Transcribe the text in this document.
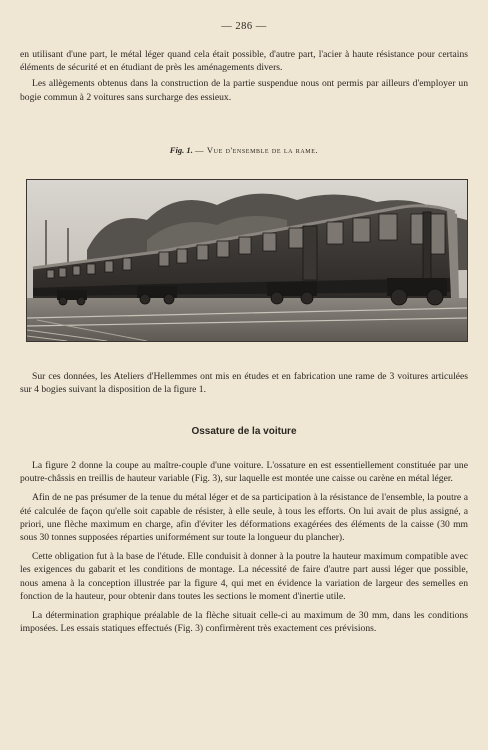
— 286 —

en utilisant d'une part, le métal léger quand cela était possible, d'autre part, l'acier à haute résistance pour certains éléments de sécurité et en étudiant de près les aménagements divers.

Les allègements obtenus dans la construction de la partie suspendue nous ont permis par ailleurs d'employer un bogie commun à 2 voitures sans surcharge des essieux.

Fig. 1. — Vue d'ensemble de la rame.

Sur ces données, les Ateliers d'Hellemmes ont mis en études et en fabrication une rame de 3 voitures articulées sur 4 bogies suivant la disposition de la figure 1.

Ossature de la voiture

La figure 2 donne la coupe au maître-couple d'une voiture. L'ossature en est essentiellement constituée par une poutre-châssis en treillis de hauteur variable (Fig. 3), sur laquelle est montée une caisse ou carène en métal léger.

Afin de ne pas présumer de la tenue du métal léger et de sa participation à la résistance de l'ensemble, la poutre a été calculée de façon qu'elle soit capable de résister, à elle seule, à tous les efforts. On lui avait de plus assigné, a priori, une flèche maximum en charge, afin d'éviter les déformations exagérées des éléments de la caisse (30 mm sous 30 tonnes supposées réparties uniformément sur toute la longueur du plancher).

Cette obligation fut à la base de l'étude. Elle conduisit à donner à la poutre la hauteur maximum compatible avec les exigences du gabarit et les conditions de montage. La nécessité de faire d'autre part aussi léger que possible, nous amena à la conception illustrée par la figure 4, qui met en évidence la variation de largeur des semelles en fonction de la hauteur, pour obtenir dans toutes les sections le moment d'inertie utile.

La détermination graphique préalable de la flèche situait celle-ci au maximum de 30 mm, dans les conditions imposées. Les essais statiques effectués (Fig. 3) confirmèrent très exactement ces prévisions.
